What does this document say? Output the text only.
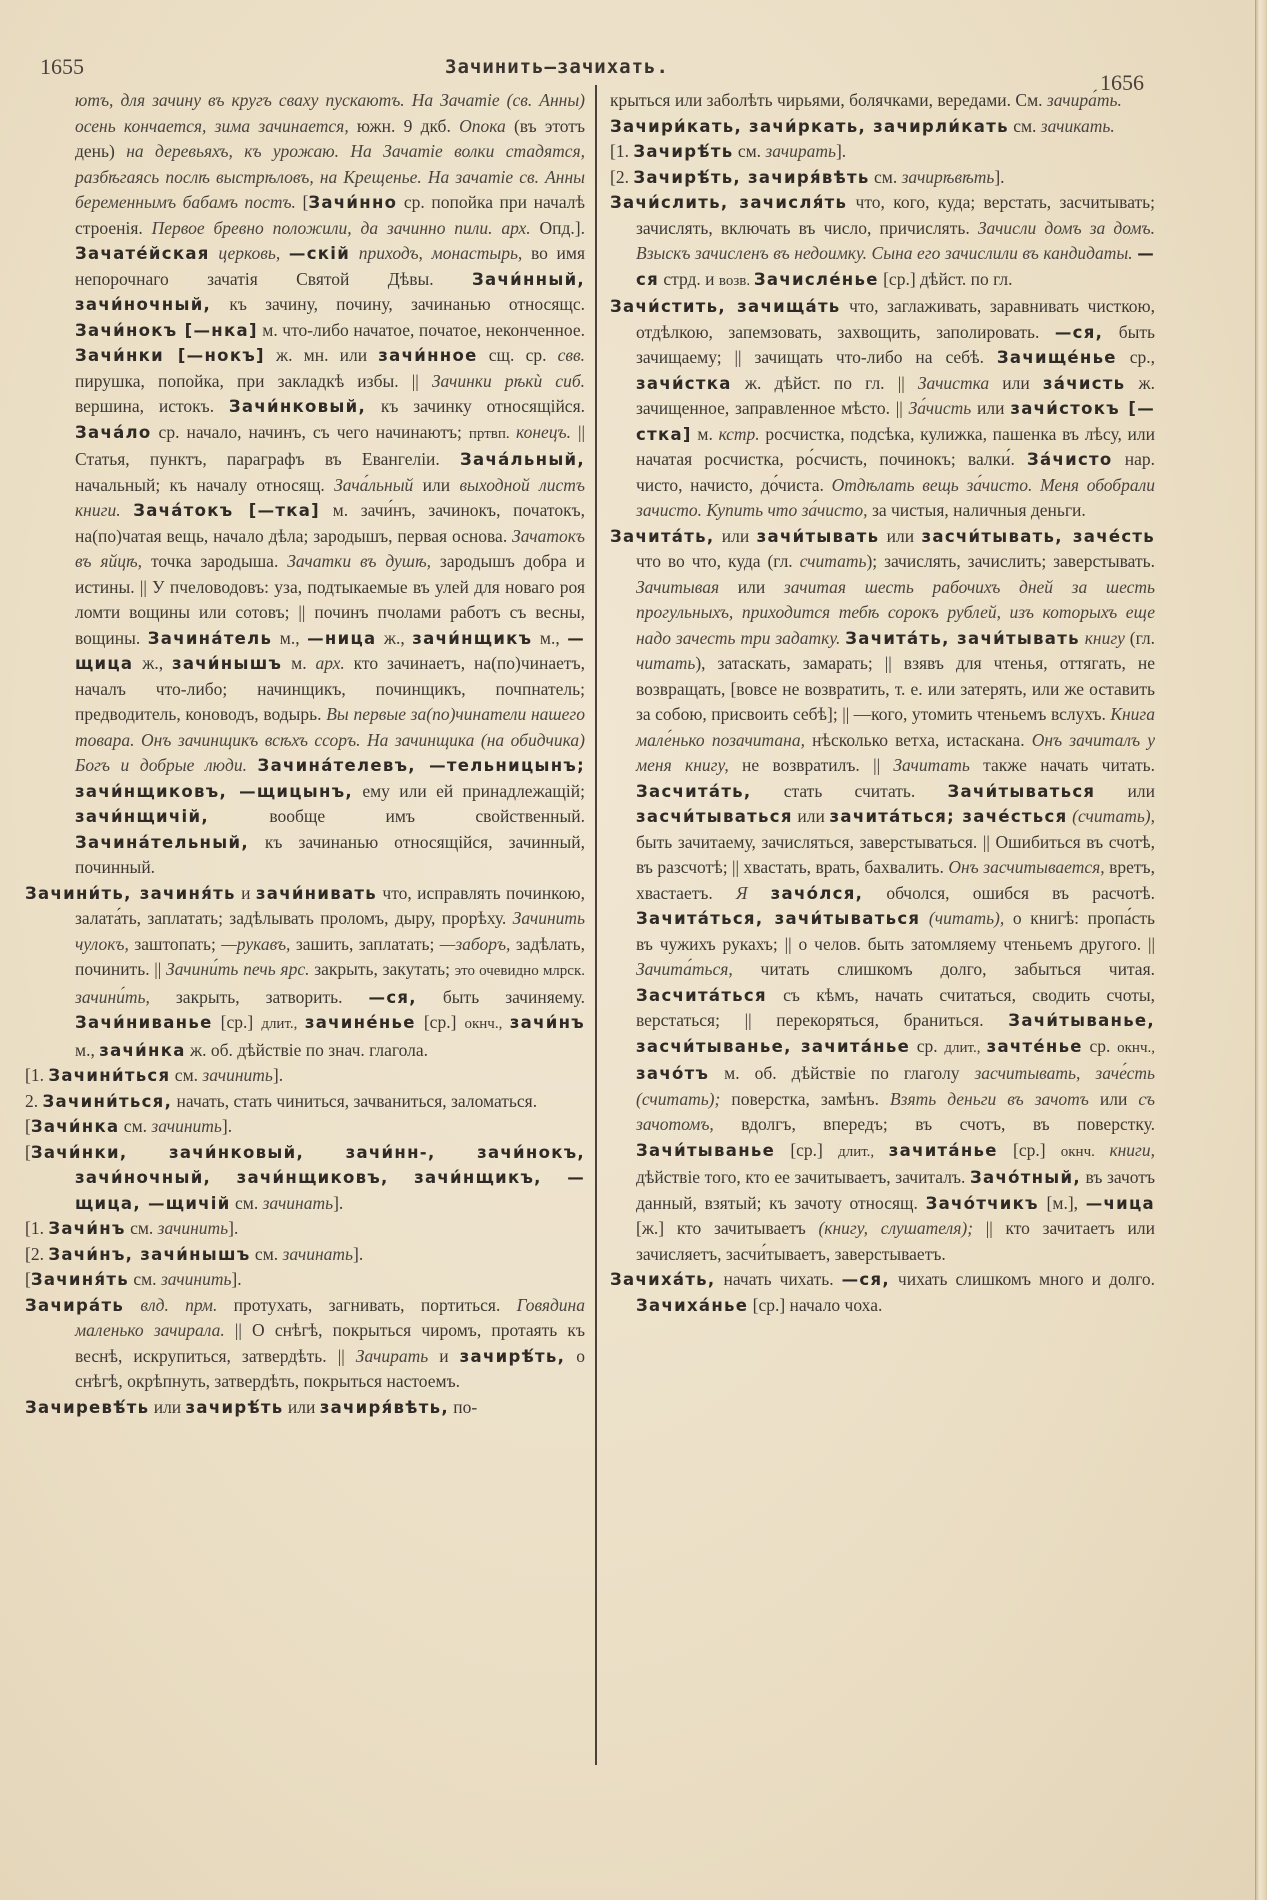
1655	Зачинить—зачихать.
1656

ютъ, для зачину въ кругъ сваху пускаютъ. На Зачатіе (св. Анны) осень кончается, зима зачинается, южн. 9 дкб. Опока (въ этотъ день) на деревьяхъ, къ урожаю. На Зачатіе волки стадятся, разбѣгаясь послѣ выстрѣловъ, на Крещенье. На зачатіе св. Анны беременнымъ бабамъ постъ. [Зачи́нно ср. попойка при началѣ строенія. Первое бревно положили, да зачинно пили. арх. Опд.]. Зачате́йская церковь, —скій приходъ, монастырь, во имя непорочнаго зачатія Святой Дѣвы. Зачи́нный, зачи́ночный, къ зачину, почину, зачинанью относящс. Зачи́нокъ [—нка] м. что-либо начатое, початое, неконченное. Зачи́нки [—нокъ] ж. мн. или зачи́нное сщ. ср. свв. пирушка, попойка, при закладкѣ избы. || Зачинки рѣкѝ сиб. вершина, истокъ. Зачи́нковый, къ зачинку относящійся. Зача́ло ср. начало, начинъ, съ чего начинаютъ; пртвп. конецъ. || Статья, пунктъ, параграфъ въ Евангеліи. Зача́льный, начальный; къ началу относящ. Зача́льный или выходной листъ книги. Зача́токъ [—тка] м. зачи́нъ, зачинокъ, початокъ, на(по)чатая вещь, начало дѣла; зародышъ, первая основа. Зачатокъ въ яйцѣ, точка зародыша. Зачатки въ душѣ, зародышъ добра и истины. || У пчеловодовъ: уза, подтыкаемые въ улей для новаго роя ломти вощины или сотовъ; || починъ пчолами работъ съ весны, вощины. Зачина́тель м., —ница ж., зачи́нщикъ м., —щица ж., зачи́нышъ м. арх. кто зачинаетъ, на(по)чинаетъ, началъ что-либо; начинщикъ, починщикъ, почпнатель; предводитель, коноводъ, водырь. Вы первые за(по)чинатели нашего товара. Онъ зачинщикъ всѣхъ ссоръ. На зачинщика (на обидчика) Богъ и добрые люди. Зачина́телевъ, —тельницынъ; зачи́нщиковъ, —щицынъ, ему или ей принадлежащій; зачи́нщичій, вообще имъ свойственный. Зачина́тельный, къ зачинанью относящійся, зачинный, починный.

Зачини́ть, зачиня́ть и зачи́нивать что, исправлять починкою, залата́ть, заплатать; задѣлывать проломъ, дыру, прорѣху. Зачинить чулокъ, заштопать; —рукавъ, зашить, заплатать; —заборъ, задѣлать, починить. || Зачини́ть печь ярс. закрыть, закутать; это очевидно млрск. зачини́ть, закрыть, затворить. —ся, быть зачиняему. Зачи́ниванье [ср.] длит., зачине́нье [ср.] окнч., зачи́нъ м., зачи́нка ж. об. дѣйствіе по знач. глагола.

[1. Зачини́ться см. зачинить].

2. Зачини́ться, начать, стать чиниться, зачваниться, заломаться.

[Зачи́нка см. зачинить].

[Зачи́нки, зачи́нковый, зачи́нн-, зачи́нокъ, зачи́ночный, зачи́нщиковъ, зачи́нщикъ, —щица, —щичій см. зачинать].

[1. Зачи́нъ см. зачинить].

[2. Зачи́нъ, зачи́нышъ см. зачинать].

[Зачиня́ть см. зачинить].

Зачира́ть влд. прм. протухать, загнивать, портиться. Говядина маленько зачирала. || О снѣгѣ, покрыться чиромъ, протаять къ веснѣ, искрупиться, затвердѣть. || Зачирать и зачирѣ́ть, о снѣгѣ, окрѣпнуть, затвердѣть, покрыться настоемъ.

Зачиревѣ́ть или зачирѣ́ть или зачиря́вѣть, по-

крыться или заболѣть чирьями, болячками, вередами. См. зачира́ть.

Зачири́кать, зачи́ркать, зачирли́кать см. зачикать.

[1. Зачирѣ́ть см. зачирать].

[2. Зачирѣ́ть, зачиря́вѣть см. зачирѣвѣть].

Зачи́слить, зачисля́ть что, кого, куда; верстать, засчитывать; зачислять, включать въ число, причислять. Зачисли домъ за домъ. Взыскъ зачисленъ въ недоимку. Сына его зачислили въ кандидаты. —ся стрд. и возв. Зачисле́нье [ср.] дѣйст. по гл.

Зачи́стить, зачища́ть что, заглаживать, заравнивать чисткою, отдѣлкою, запемзовать, захвощить, заполировать. —ся, быть зачищаему; || зачищать что-либо на себѣ. Зачище́нье ср., зачи́стка ж. дѣйст. по гл. || Зачистка или за́чисть ж. зачищенное, заправленное мѣсто. || За́чисть или зачи́стокъ [—стка] м. кстр. росчистка, подсѣка, кулижка, пашенка въ лѣсу, или начатая росчистка, ро́счисть, починокъ; валки́. За́чисто нар. чисто, начисто, до́чиста. Отдѣлать вещь за́чисто. Меня обобрали зачисто. Купить что за́чисто, за чистыя, наличныя деньги.

Зачита́ть, или зачи́тывать или засчи́тывать, заче́сть что во что, куда (гл. считать); зачислять, зачислить; заверстывать. Зачитывая или зачитая шесть рабочихъ дней за шесть прогульныхъ, приходится тебѣ сорокъ рублей, изъ которыхъ еще надо зачесть три задатку. Зачита́ть, зачи́тывать книгу (гл. читать), затаскать, замарать; || взявъ для чтенья, оттягать, не возвращать, [вовсе не возвратить, т. е. или затерять, или же оставить за собою, присвоить себѣ]; || —кого, утомить чтеньемъ вслухъ. Книга мале́нько позачитана, нѣсколько ветха, истаскана. Онъ зачиталъ у меня книгу, не возвратилъ. || Зачитать также начать читать. Засчита́ть, стать считать. Зачи́тываться или засчи́тываться или зачита́ться; заче́сться (считать), быть зачитаему, зачисляться, заверстываться. || Ошибиться въ счотѣ, въ разсчотѣ; || хвастать, врать, бахвалить. Онъ засчитывается, вретъ, хвастаетъ. Я зачо́лся, обчолся, ошибся въ расчотѣ. Зачита́ться, зачи́тываться (читать), о книгѣ: пропа́сть въ чужихъ рукахъ; || о челов. быть затомляему чтеньемъ другого. || Зачита́ться, читать слишкомъ долго, забыться читая. Засчита́ться съ кѣмъ, начать считаться, сводить счоты, верстаться; || перекоряться, браниться. Зачи́тыванье, засчи́тыванье, зачита́нье ср. длит., зачте́нье ср. окнч., зачо́тъ м. об. дѣйствіе по глаголу засчитывать, заче́сть (считать); поверстка, замѣнъ. Взять деньги въ зачотъ или съ зачотомъ, вдолгъ, впередъ; въ счотъ, въ поверстку. Зачи́тыванье [ср.] длит., зачита́нье [ср.] окнч. книги, дѣйствіе того, кто ее зачитываетъ, зачиталъ. Зачо́тный, въ зачотъ данный, взятый; къ зачоту относящ. Зачо́тчикъ [м.], —чица [ж.] кто зачитываетъ (книгу, слушателя); || кто зачитаетъ или зачисляетъ, засчи́тываетъ, заверстываетъ.

Зачиха́ть, начать чихать. —ся, чихать слишкомъ много и долго. Зачиха́нье [ср.] начало чоха.
